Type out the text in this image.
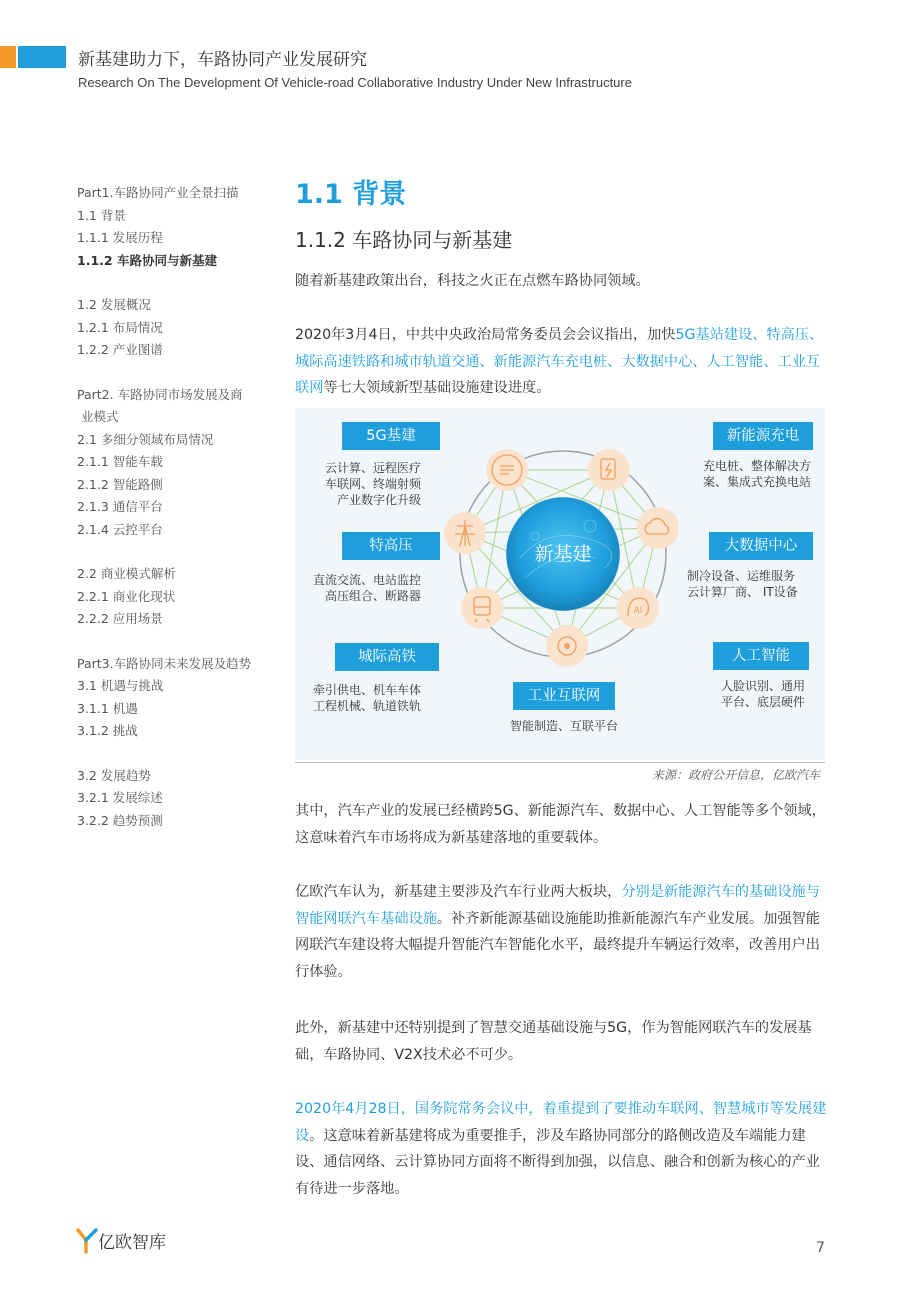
新基建助力下，车路协同产业发展研究
Research On The Development Of Vehicle-road Collaborative Industry Under New Infrastructure
Part1.车路协同产业全景扫描
1.1 背景
1.1.1 发展历程
1.1.2 车路协同与新基建
1.2 发展概况
1.2.1 布局情况
1.2.2 产业图谱
Part2. 车路协同市场发展及商
业模式
2.1 多细分领域布局情况
2.1.1 智能车载
2.1.2 智能路侧
2.1.3 通信平台
2.1.4 云控平台
2.2 商业模式解析
2.2.1 商业化现状
2.2.2 应用场景
Part3.车路协同未来发展及趋势
3.1 机遇与挑战
3.1.1 机遇
3.1.2 挑战
3.2 发展趋势
3.2.1 发展综述
3.2.2 趋势预测
1.1 背景
1.1.2 车路协同与新基建
随着新基建政策出台，科技之火正在点燃车路协同领域。
2020年3月4日，中共中央政治局常务委员会会议指出，加快5G基站建设、特高压、城际高速铁路和城市轨道交通、新能源汽车充电桩、大数据中心、人工智能、工业互联网等七大领域新型基础设施建设进度。
新基建
AI
5G基建	新能源充电
特高压	大数据中心
城际高铁	人工智能
工业互联网
云计算、远程医疗
车联网、终端射频
产业数字化升级
充电桩、整体解决方
案、集成式充换电站
直流交流、电站监控
高压组合、断路器
制冷设备、运维服务
云计算厂商、 IT设备
牵引供电、机车车体
工程机械、轨道铁轨
人脸识别、通用
平台、底层硬件
智能制造、互联平台
来源：政府公开信息，亿欧汽车
其中，汽车产业的发展已经横跨5G、新能源汽车、数据中心、人工智能等多个领域，这意味着汽车市场将成为新基建落地的重要载体。
亿欧汽车认为，新基建主要涉及汽车行业两大板块，分别是新能源汽车的基础设施与智能网联汽车基础设施。补齐新能源基础设施能助推新能源汽车产业发展。加强智能网联汽车建设将大幅提升智能汽车智能化水平，最终提升车辆运行效率，改善用户出行体验。
此外，新基建中还特别提到了智慧交通基础设施与5G，作为智能网联汽车的发展基础，车路协同、V2X技术必不可少。
2020年4月28日，国务院常务会议中，着重提到了要推动车联网、智慧城市等发展建设。这意味着新基建将成为重要推手，涉及车路协同部分的路侧改造及车端能力建设、通信网络、云计算协同方面将不断得到加强，以信息、融合和创新为核心的产业有待进一步落地。
亿欧智库	7
